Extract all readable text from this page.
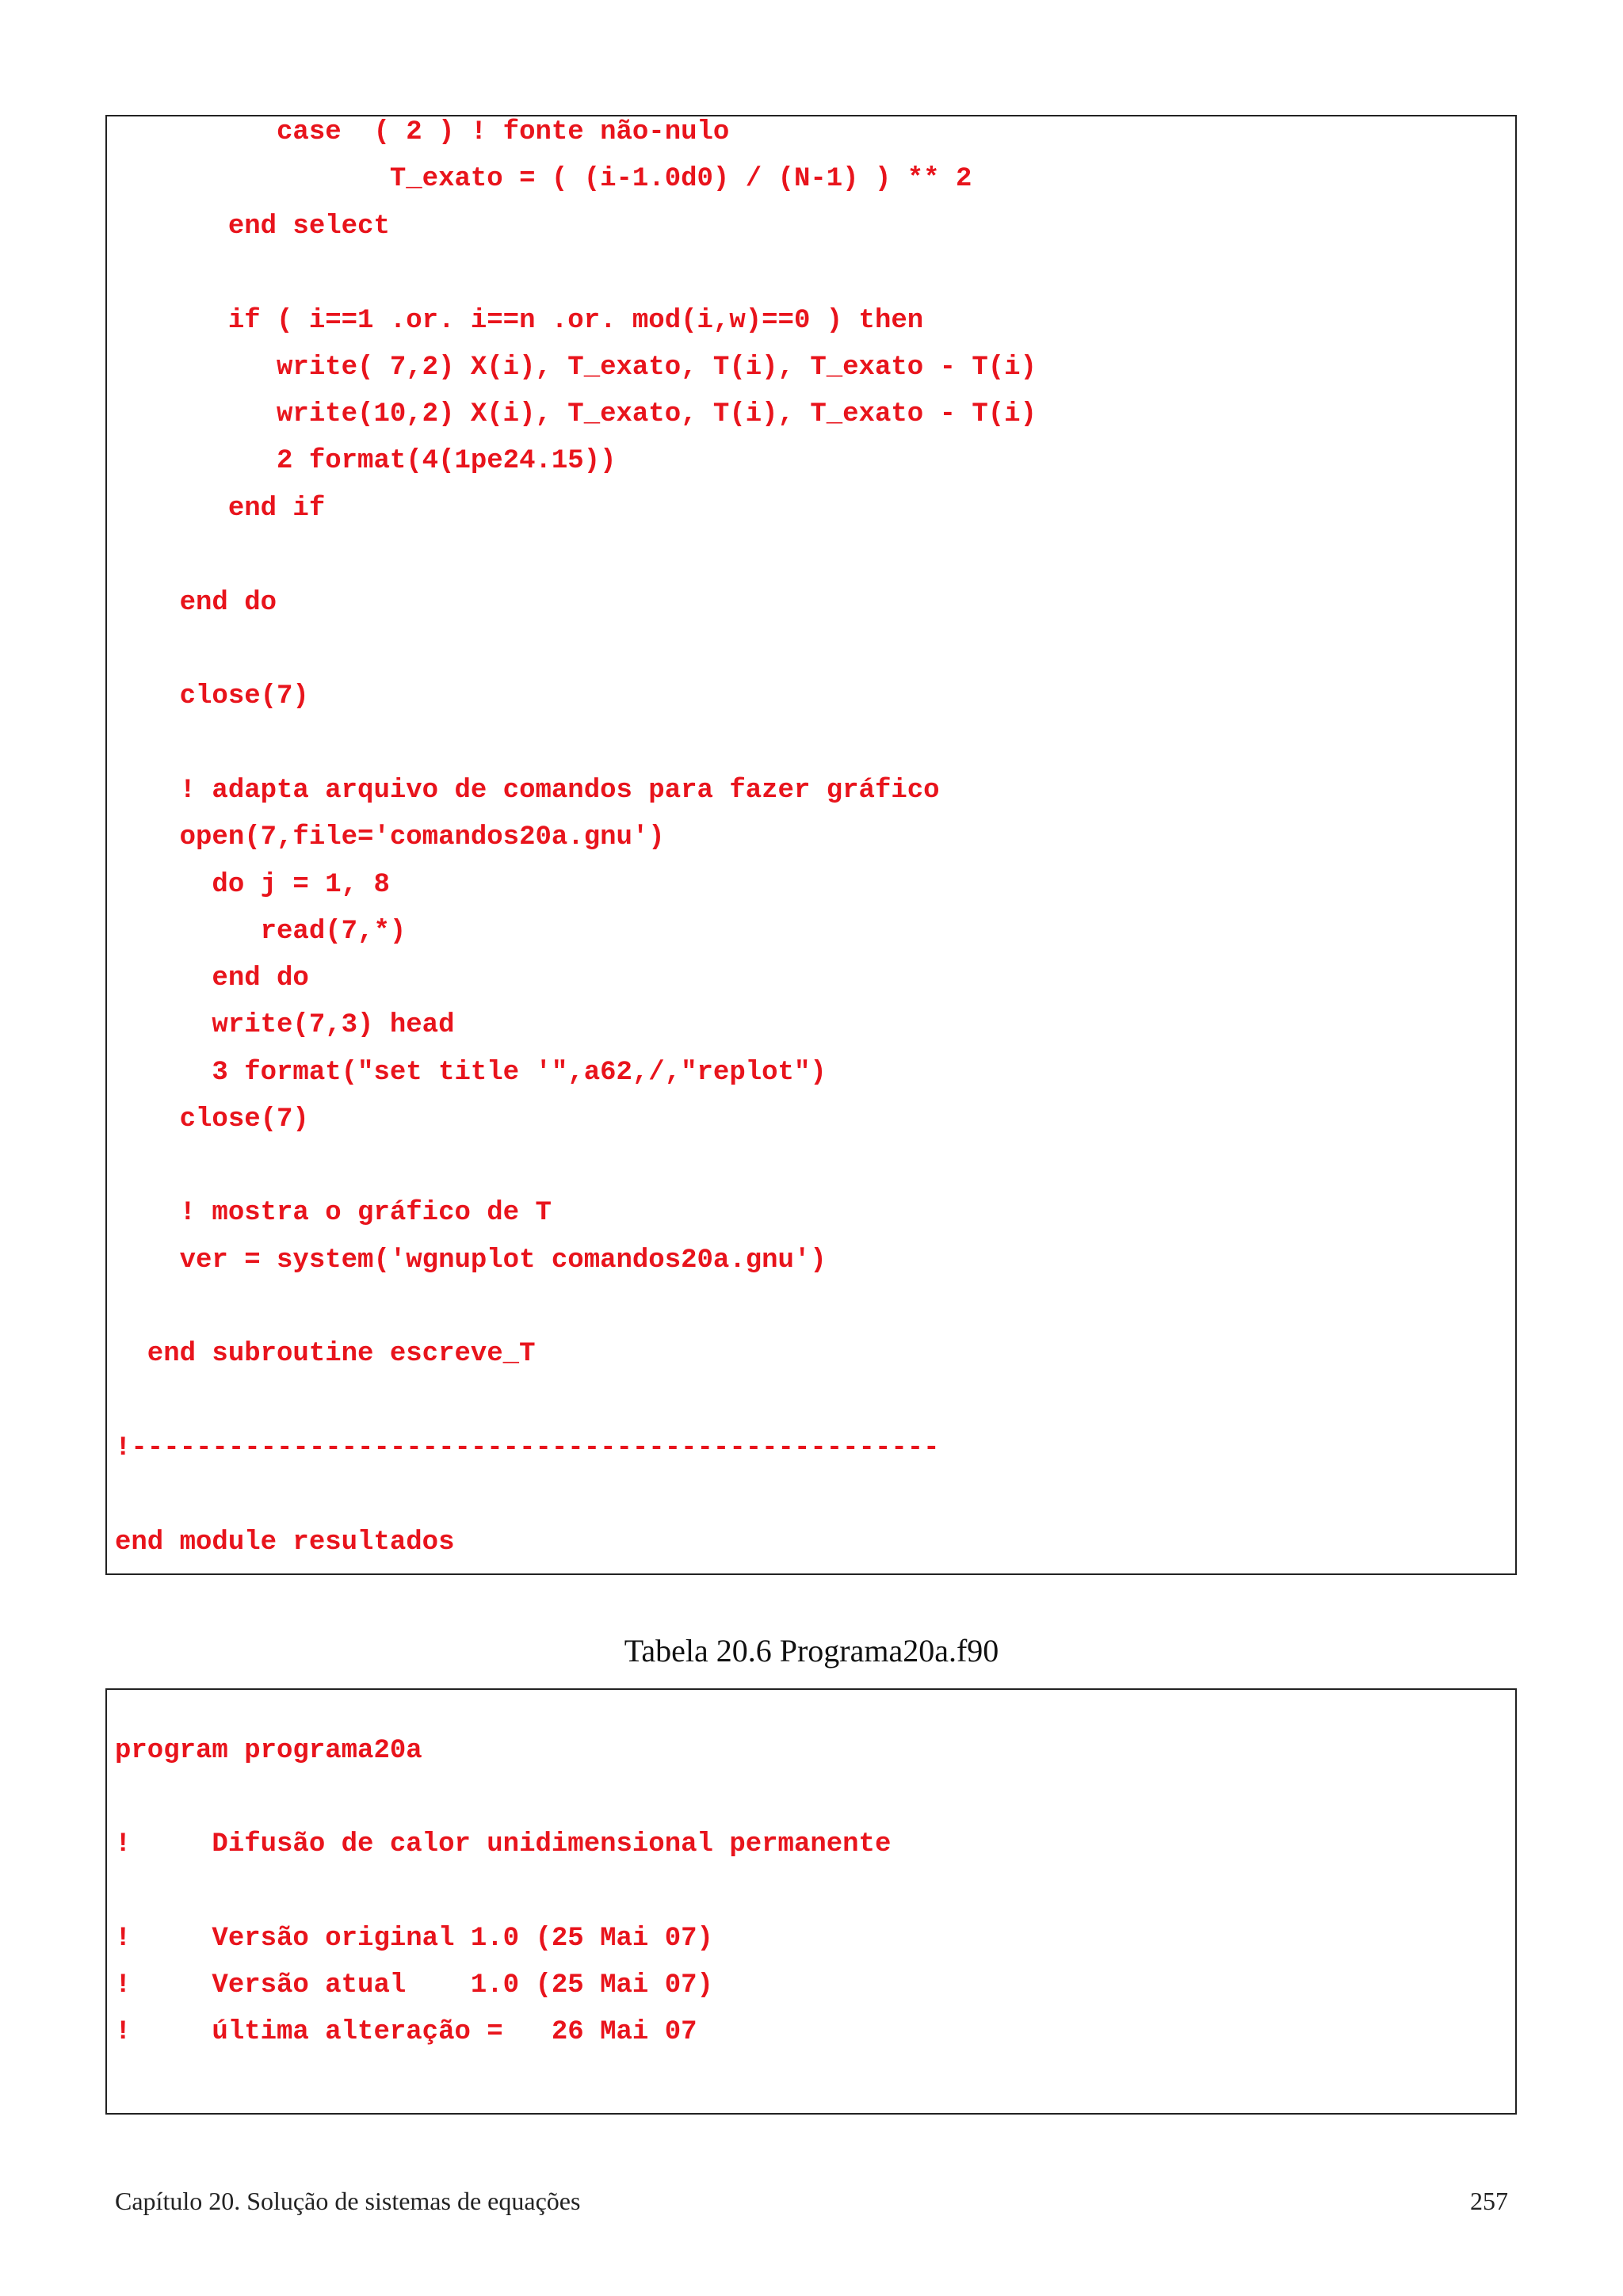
case  ( 2 ) ! fonte não-nulo
T_exato = ( (i-1.0d0) / (N-1) ) ** 2
end select
if ( i==1 .or. i==n .or. mod(i,w)==0 ) then
write( 7,2) X(i), T_exato, T(i), T_exato - T(i)
write(10,2) X(i), T_exato, T(i), T_exato - T(i)
2 format(4(1pe24.15))
end if
end do
close(7)
! adapta arquivo de comandos para fazer gráfico
open(7,file='comandos20a.gnu')
do j = 1, 8
read(7,*)
end do
write(7,3) head
3 format("set title '",a62,/,"replot")
close(7)
! mostra o gráfico de T
ver = system('wgnuplot comandos20a.gnu')
end subroutine escreve_T
!--------------------------------------------------
end module resultados
Tabela 20.6 Programa20a.f90
program programa20a
!     Difusão de calor unidimensional permanente
!     Versão original 1.0 (25 Mai 07)
!     Versão atual    1.0 (25 Mai 07)
!     última alteração =   26 Mai 07
Capítulo 20. Solução de sistemas de equações	257
